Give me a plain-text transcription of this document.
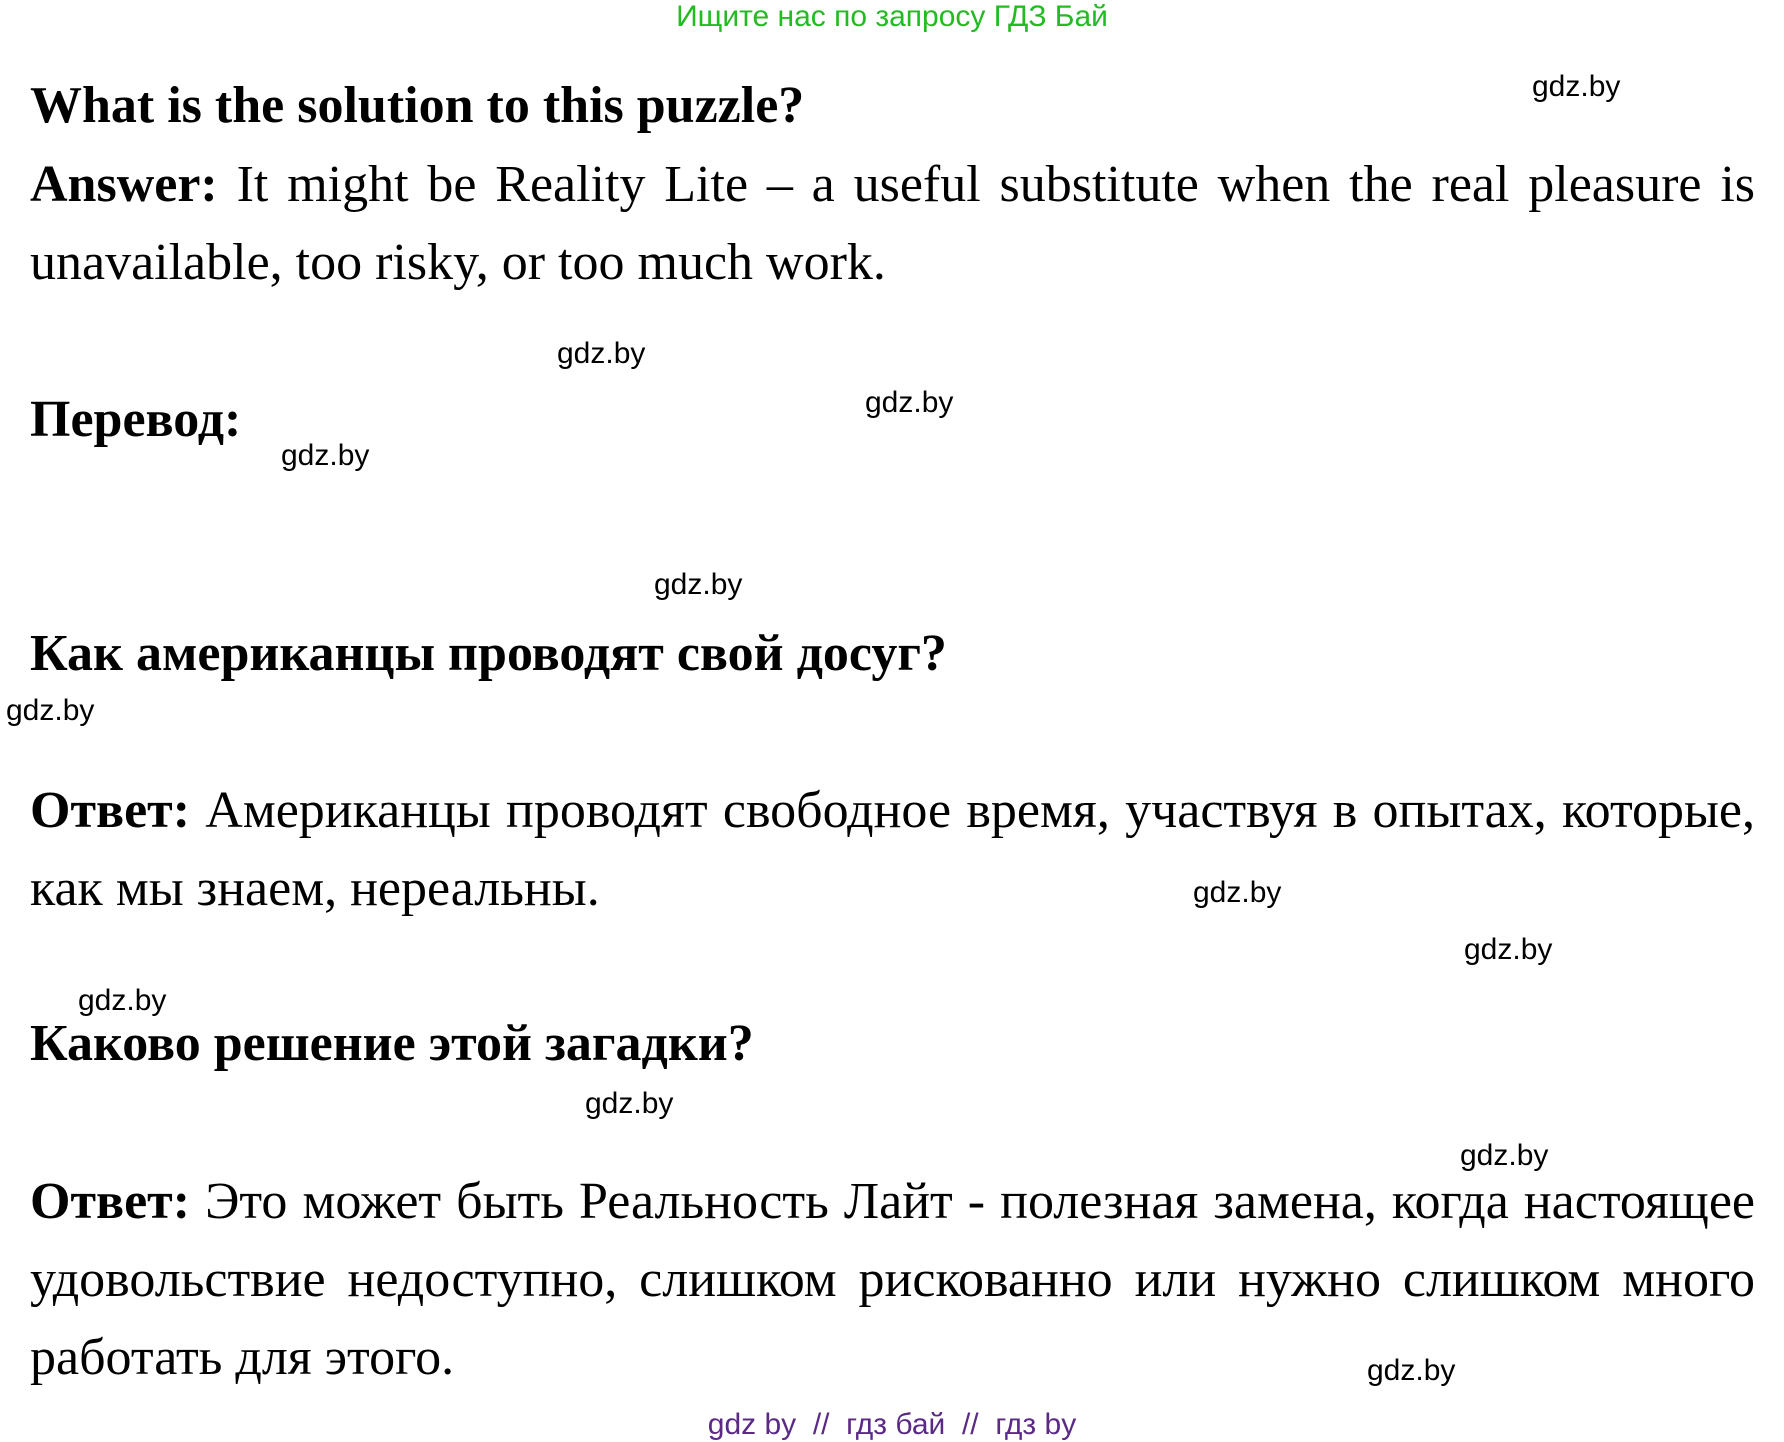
Ищите нас по запросу ГДЗ Бай
What is the solution to this puzzle?

Answer: It might be Reality Lite – a useful substitute when the real pleasure is unavailable, too risky, or too much work.

Перевод:
Как американцы проводят свой досуг?

Ответ: Американцы проводят свободное время, участвуя в опытах, которые, как мы знаем, нереальны.

Каково решение этой загадки?

Ответ: Это может быть Реальность Лайт - полезная замена, когда настоящее удовольствие недоступно, слишком рискованно или нужно слишком много работать для этого.

gdz.by
gdz.by
gdz.by
gdz.by
gdz.by
gdz.by
gdz.by
gdz.by
gdz.by
gdz.by
gdz.by
gdz.by
gdz by  //  гдз бай  //  гдз by
